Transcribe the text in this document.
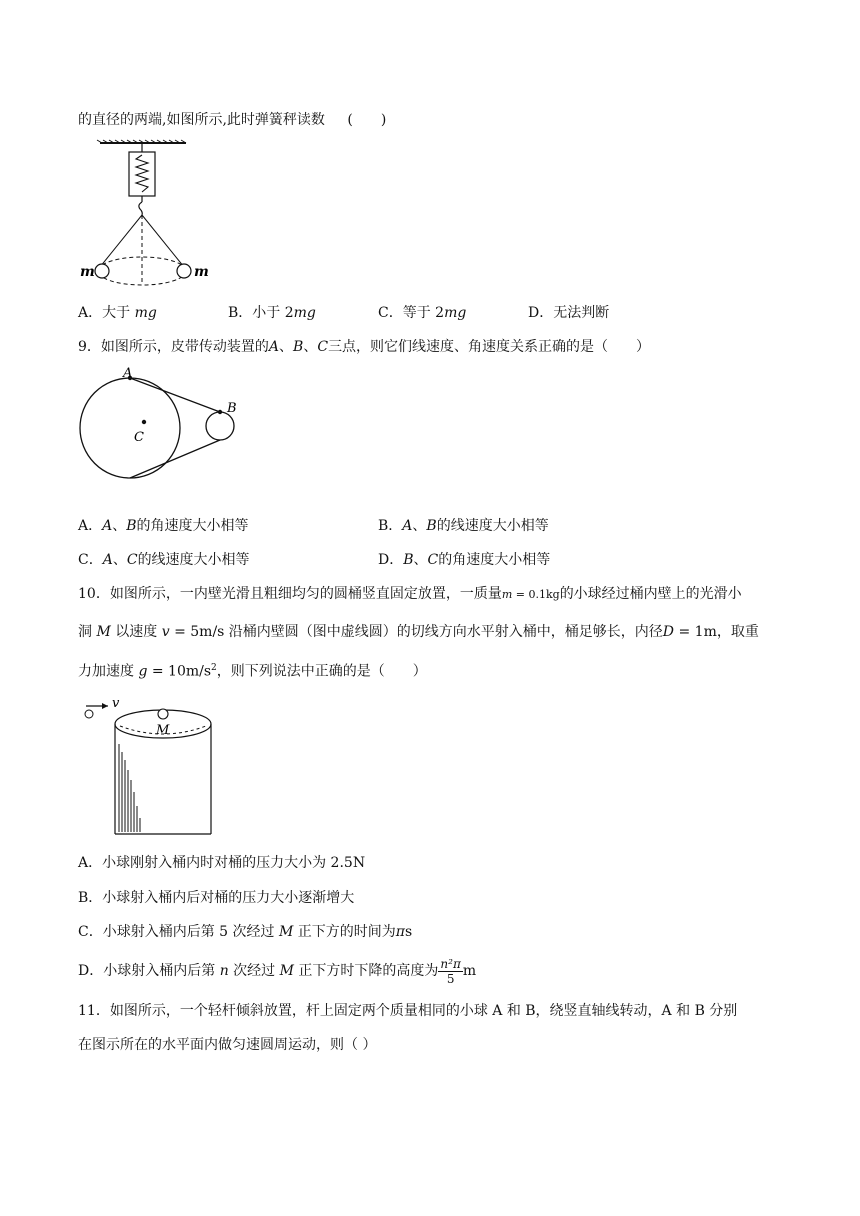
的直径的两端,如图所示,此时弹簧秤读数 (　　)
m	m
A．大于 mg	B．小于 2mg	C．等于 2mg	D．无法判断
9．如图所示，皮带传动装置的A、B、C三点，则它们线速度、角速度关系正确的是（　　）
A
B
C
A．A、B的角速度大小相等	B．A、B的线速度大小相等
C．A、C的线速度大小相等	D．B、C的角速度大小相等
10．如图所示，一内壁光滑且粗细均匀的圆桶竖直固定放置，一质量m = 0.1kg的小球经过桶内壁上的光滑小
洞 M 以速度 v = 5m/s 沿桶内壁圆（图中虚线圆）的切线方向水平射入桶中，桶足够长，内径D = 1m，取重
力加速度 $g = 10m/s^2$，则下列说法中正确的是（　　）
v
M
A．小球刚射入桶内时对桶的压力大小为 2.5N
B．小球射入桶内后对桶的压力大小逐渐增大
C．小球射入桶内后第 5 次经过 M 正下方的时间为πs
D．小球射入桶内后第 n 次经过 M 正下方时下降的高度为 $\frac{\text{n²π}}{5}$ m
11．如图所示，一个轻杆倾斜放置，杆上固定两个质量相同的小球 A 和 B，绕竖直轴线转动，A 和 B 分别
在图示所在的水平面内做匀速圆周运动，则（ ）
